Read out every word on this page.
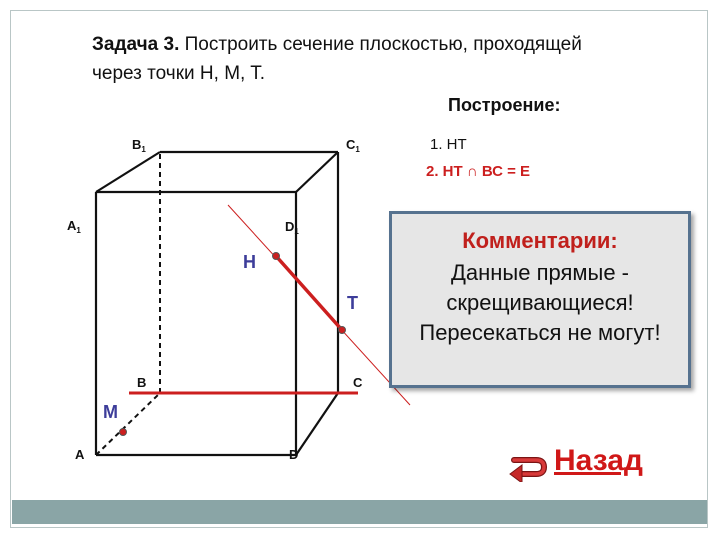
Задача 3. Построить сечение плоскостью, проходящей через точки H, M, T.
Построение:
1. HT
2. HT ∩ ВС = Е
A	D
B	C
$A_1$	$D_1$
$B_1$	$C_1$
H
T
M
Комментарии:
Данные прямые - скрещивающиеся! Пересекаться не могут!
Назад
